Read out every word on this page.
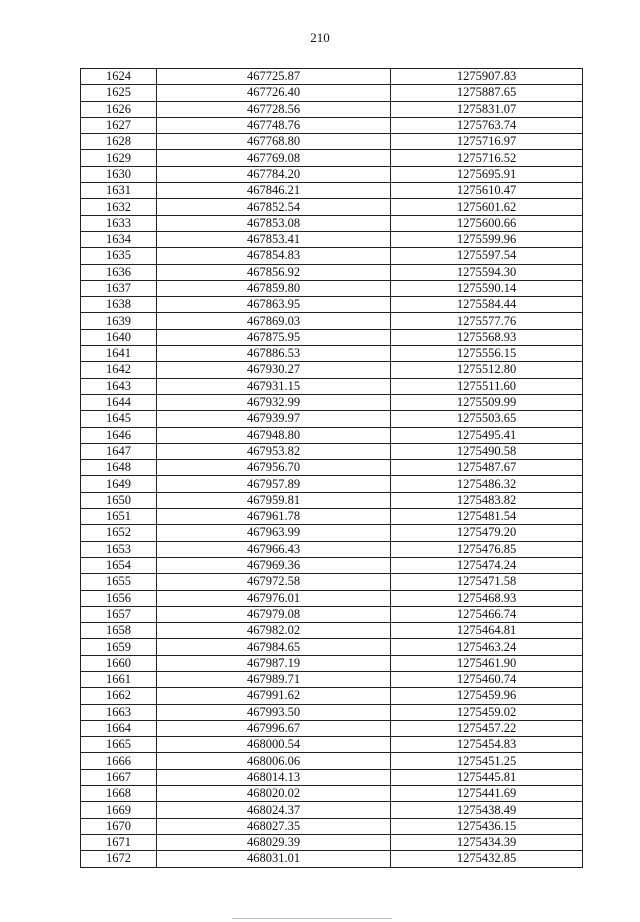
210
1624	467725.87	1275907.83
1625	467726.40	1275887.65
1626	467728.56	1275831.07
1627	467748.76	1275763.74
1628	467768.80	1275716.97
1629	467769.08	1275716.52
1630	467784.20	1275695.91
1631	467846.21	1275610.47
1632	467852.54	1275601.62
1633	467853.08	1275600.66
1634	467853.41	1275599.96
1635	467854.83	1275597.54
1636	467856.92	1275594.30
1637	467859.80	1275590.14
1638	467863.95	1275584.44
1639	467869.03	1275577.76
1640	467875.95	1275568.93
1641	467886.53	1275556.15
1642	467930.27	1275512.80
1643	467931.15	1275511.60
1644	467932.99	1275509.99
1645	467939.97	1275503.65
1646	467948.80	1275495.41
1647	467953.82	1275490.58
1648	467956.70	1275487.67
1649	467957.89	1275486.32
1650	467959.81	1275483.82
1651	467961.78	1275481.54
1652	467963.99	1275479.20
1653	467966.43	1275476.85
1654	467969.36	1275474.24
1655	467972.58	1275471.58
1656	467976.01	1275468.93
1657	467979.08	1275466.74
1658	467982.02	1275464.81
1659	467984.65	1275463.24
1660	467987.19	1275461.90
1661	467989.71	1275460.74
1662	467991.62	1275459.96
1663	467993.50	1275459.02
1664	467996.67	1275457.22
1665	468000.54	1275454.83
1666	468006.06	1275451.25
1667	468014.13	1275445.81
1668	468020.02	1275441.69
1669	468024.37	1275438.49
1670	468027.35	1275436.15
1671	468029.39	1275434.39
1672	468031.01	1275432.85
